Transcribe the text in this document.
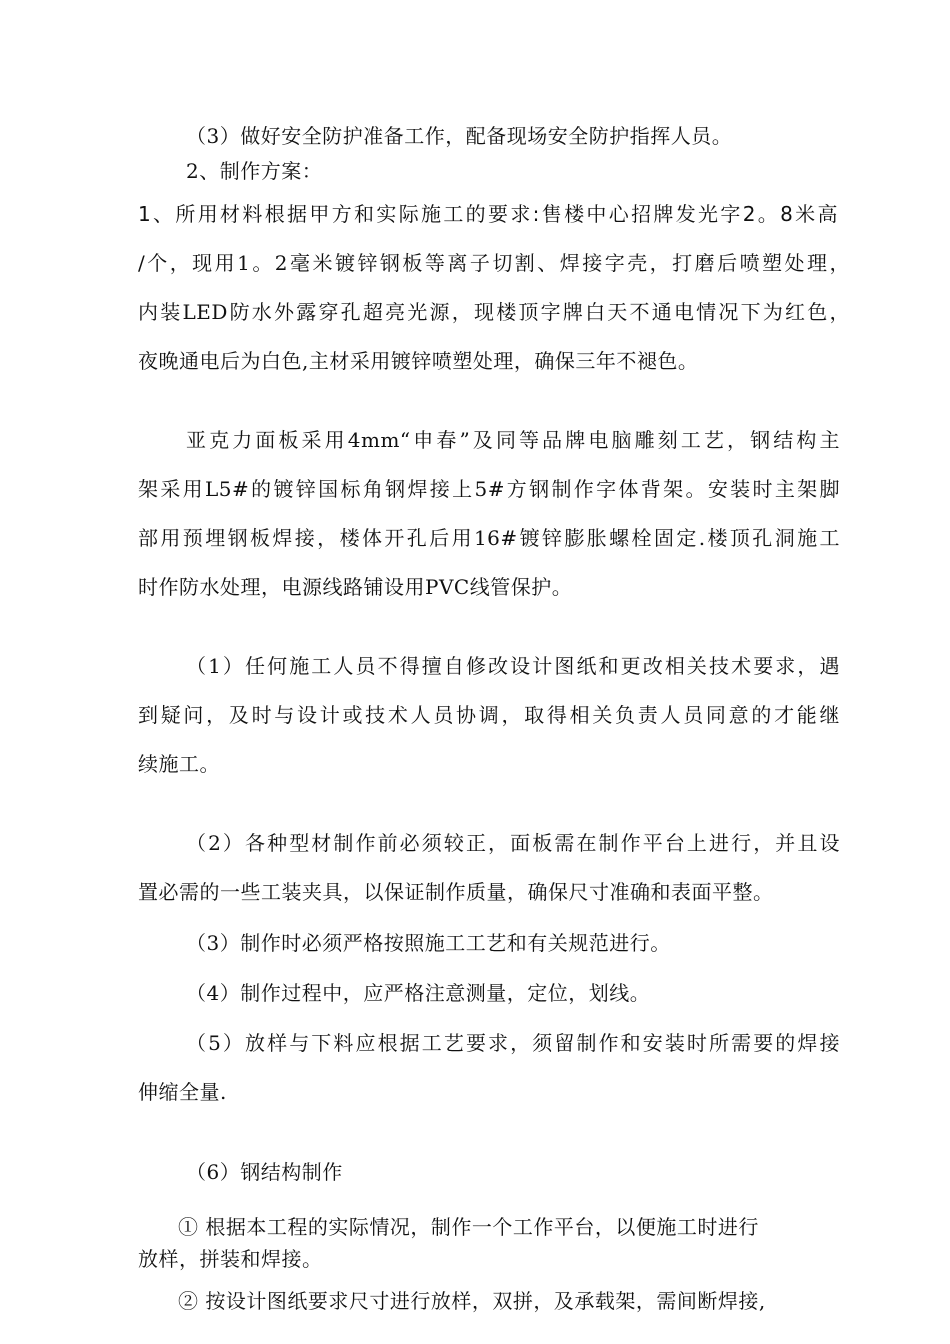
（3）做好安全防护准备工作，配备现场安全防护指挥人员。

2、制作方案：

1、所用材料根据甲方和实际施工的要求:售楼中心招牌发光字2。8米高

/个，现用1。2毫米镀锌钢板等离子切割、焊接字壳，打磨后喷塑处理，

内装LED防水外露穿孔超亮光源，现楼顶字牌白天不通电情况下为红色，

夜晚通电后为白色,主材采用镀锌喷塑处理，确保三年不褪色。

亚克力面板采用4mm“申春”及同等品牌电脑雕刻工艺，钢结构主

架采用L5#的镀锌国标角钢焊接上5#方钢制作字体背架。安装时主架脚

部用预埋钢板焊接，楼体开孔后用16#镀锌膨胀螺栓固定.楼顶孔洞施工

时作防水处理，电源线路铺设用PVC线管保护。

（1）任何施工人员不得擅自修改设计图纸和更改相关技术要求，遇

到疑问，及时与设计或技术人员协调，取得相关负责人员同意的才能继

续施工。

（2）各种型材制作前必须较正，面板需在制作平台上进行，并且设

置必需的一些工装夹具，以保证制作质量，确保尺寸准确和表面平整。

（3）制作时必须严格按照施工工艺和有关规范进行。

（4）制作过程中，应严格注意测量，定位，划线。

（5）放样与下料应根据工艺要求，须留制作和安装时所需要的焊接

伸缩全量.

（6）钢结构制作

① 根据本工程的实际情况，制作一个工作平台，以便施工时进行

放样，拼装和焊接。

② 按设计图纸要求尺寸进行放样，双拼，及承载架，需间断焊接,
